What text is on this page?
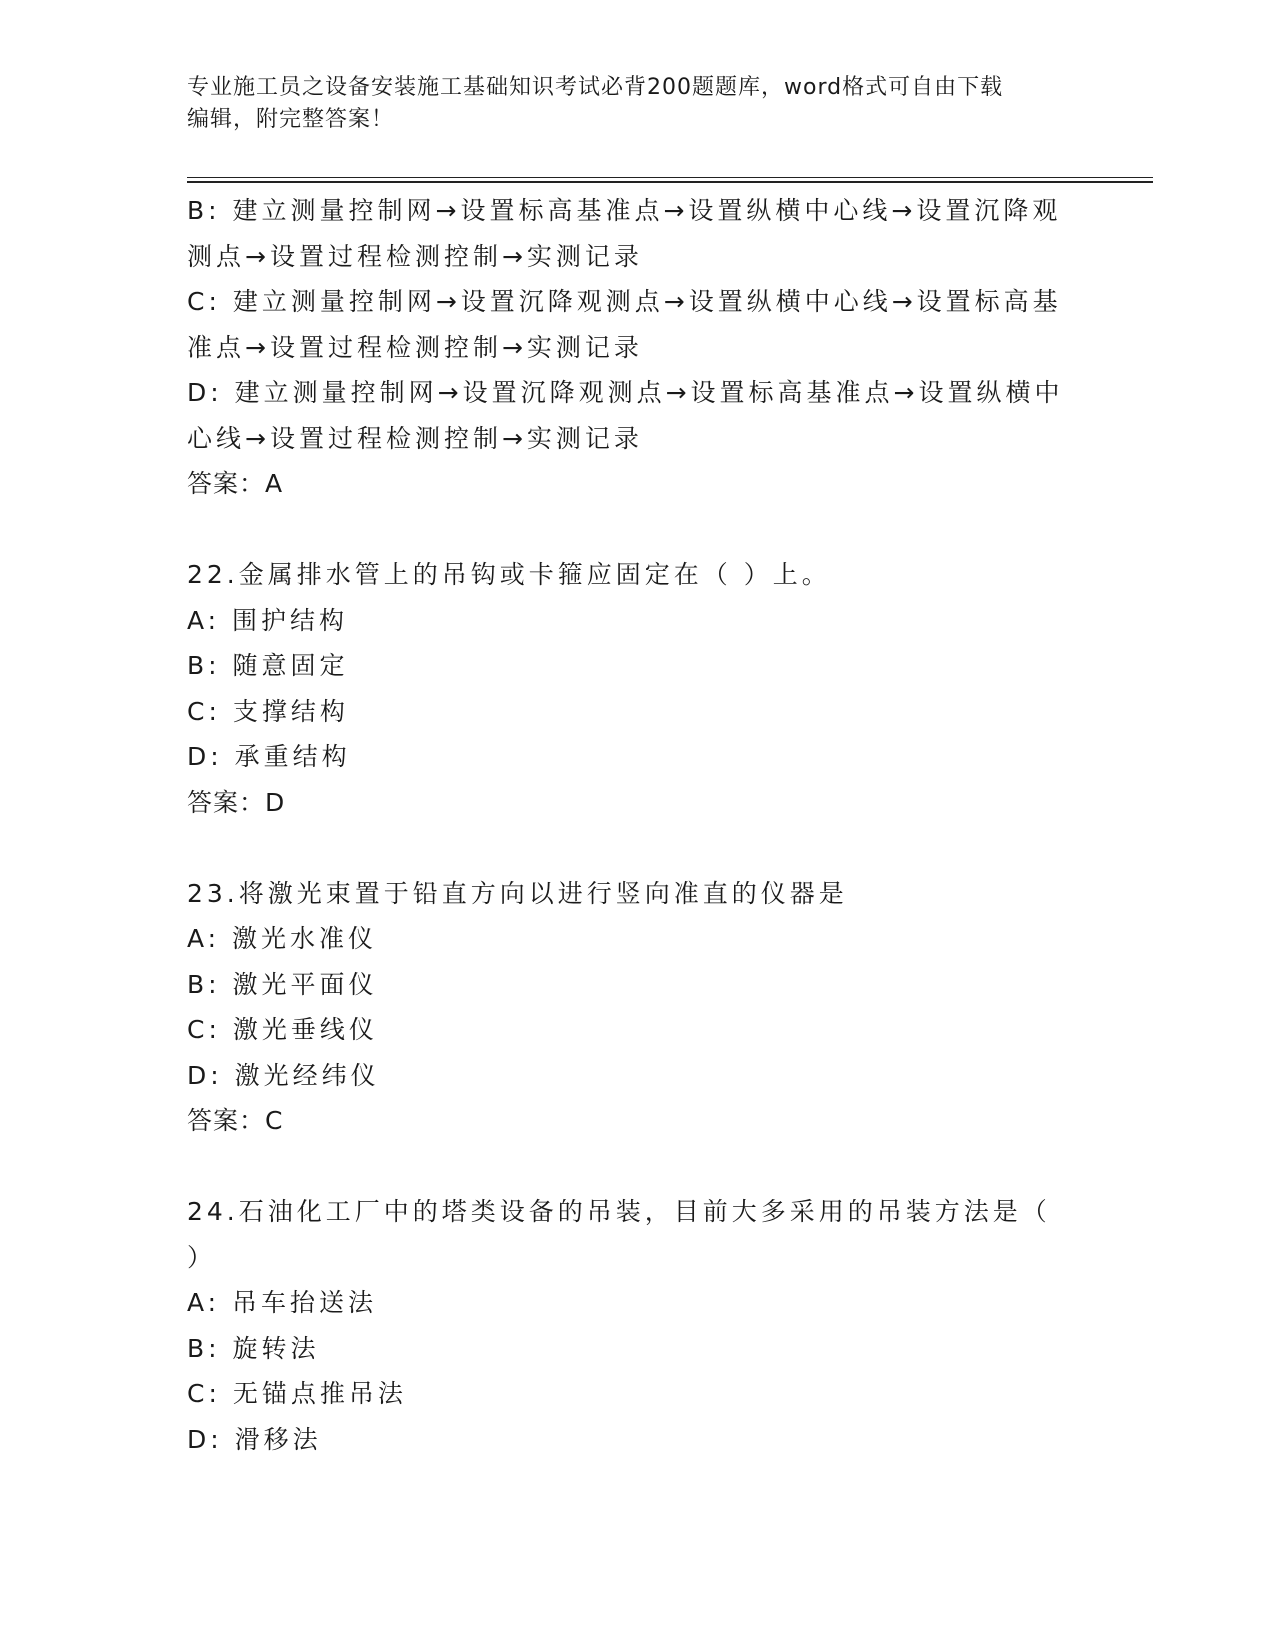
专业施工员之设备安装施工基础知识考试必背200题题库，word格式可自由下载
编辑，附完整答案！
B: 建立测量控制网→设置标高基准点→设置纵横中心线→设置沉降观
测点→设置过程检测控制→实测记录
C: 建立测量控制网→设置沉降观测点→设置纵横中心线→设置标高基
准点→设置过程检测控制→实测记录
D: 建立测量控制网→设置沉降观测点→设置标高基准点→设置纵横中
心线→设置过程检测控制→实测记录
答案：A
22.金属排水管上的吊钩或卡箍应固定在（ ）上。
A: 围护结构
B: 随意固定
C: 支撑结构
D: 承重结构
答案：D
23.将激光束置于铅直方向以进行竖向准直的仪器是
A: 激光水准仪
B: 激光平面仪
C: 激光垂线仪
D: 激光经纬仪
答案：C
24.石油化工厂中的塔类设备的吊装，目前大多采用的吊装方法是（
）
A: 吊车抬送法
B: 旋转法
C: 无锚点推吊法
D: 滑移法
